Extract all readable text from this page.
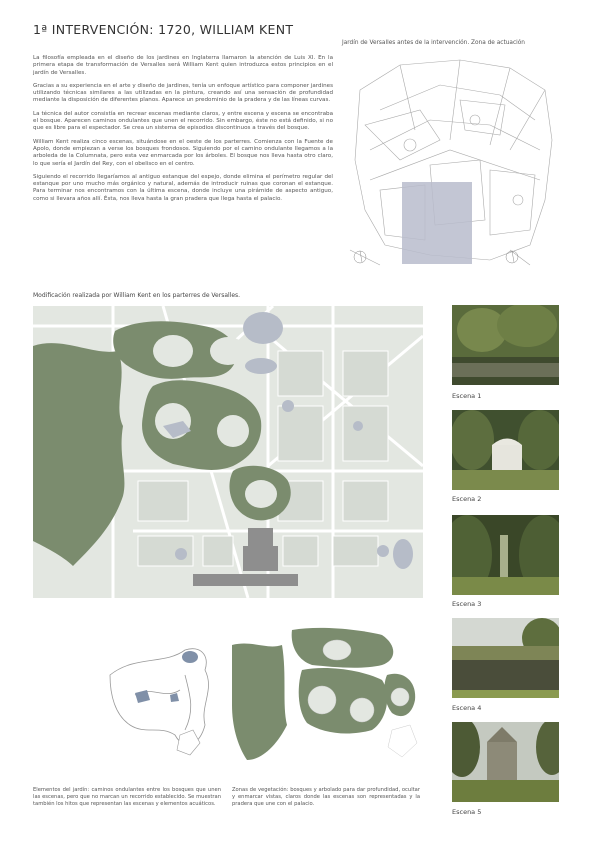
1ª INTERVENCIÓN: 1720, WILLIAM KENT

La filosofía empleada en el diseño de los jardines en Inglaterra llamaron la atención de Luis XI. En la primera etapa de transformación de Versalles será William Kent quien introduzca estos principios en el jardín de Versalles.

Gracias a su experiencia en el arte y diseño de jardines, tenía un enfoque artístico para componer jardines utilizando técnicas similares a las utilizadas en la pintura, creando así una sensación de profundidad mediante la disposición de diferentes planos. Aparece un predominio de la pradera y de las líneas curvas.

La técnica del autor consistía en recrear escenas mediante claros, y entre escena y escena se encontraba el bosque. Aparecen caminos ondulantes que unen el recorrido. Sin embargo, éste no está definido, si no que es libre para el espectador. Se crea un sistema de episodios discontinuos a través del bosque.

William Kent realiza cinco escenas, situándose en el oeste de los parterres. Comienza con la Fuente de Apolo, donde empiezan a verse los bosques frondosos. Siguiendo por el camino ondulante llegamos a la arboleda de la Columnata, pero esta vez enmarcada por los árboles. El bosque nos lleva hasta otro claro, lo que sería el Jardín del Rey, con el obelisco en el centro.

Siguiendo el recorrido llegaríamos al antiguo estanque del espejo, donde elimina el perímetro regular del estanque por uno mucho más orgánico y natural, además de introducir ruinas que coronan el estanque. Para terminar nos encontramos con la última escena, donde incluye una pirámide de aspecto antiguo, como si llevara años allí. Ésta, nos lleva hasta la gran pradera que llega hasta el palacio.

Jardín de Versalles antes de la intervención. Zona de actuación
Modificación realizada por William Kent en los parterres de Versalles.
Escena 1
Escena 2
Escena 3
Escena 4
Escena 5
Elementos del jardín: caminos ondulantes entre los bosques que unen las escenas, pero que no marcan un recorrido establecido. Se muestran también los hitos que representan las escenas y elementos acuáticos.
Zonas de vegetación: bosques y arbolado para dar profundidad, ocultar y enmarcar vistas, claros donde las escenas son representadas y la pradera que une con el palacio.
